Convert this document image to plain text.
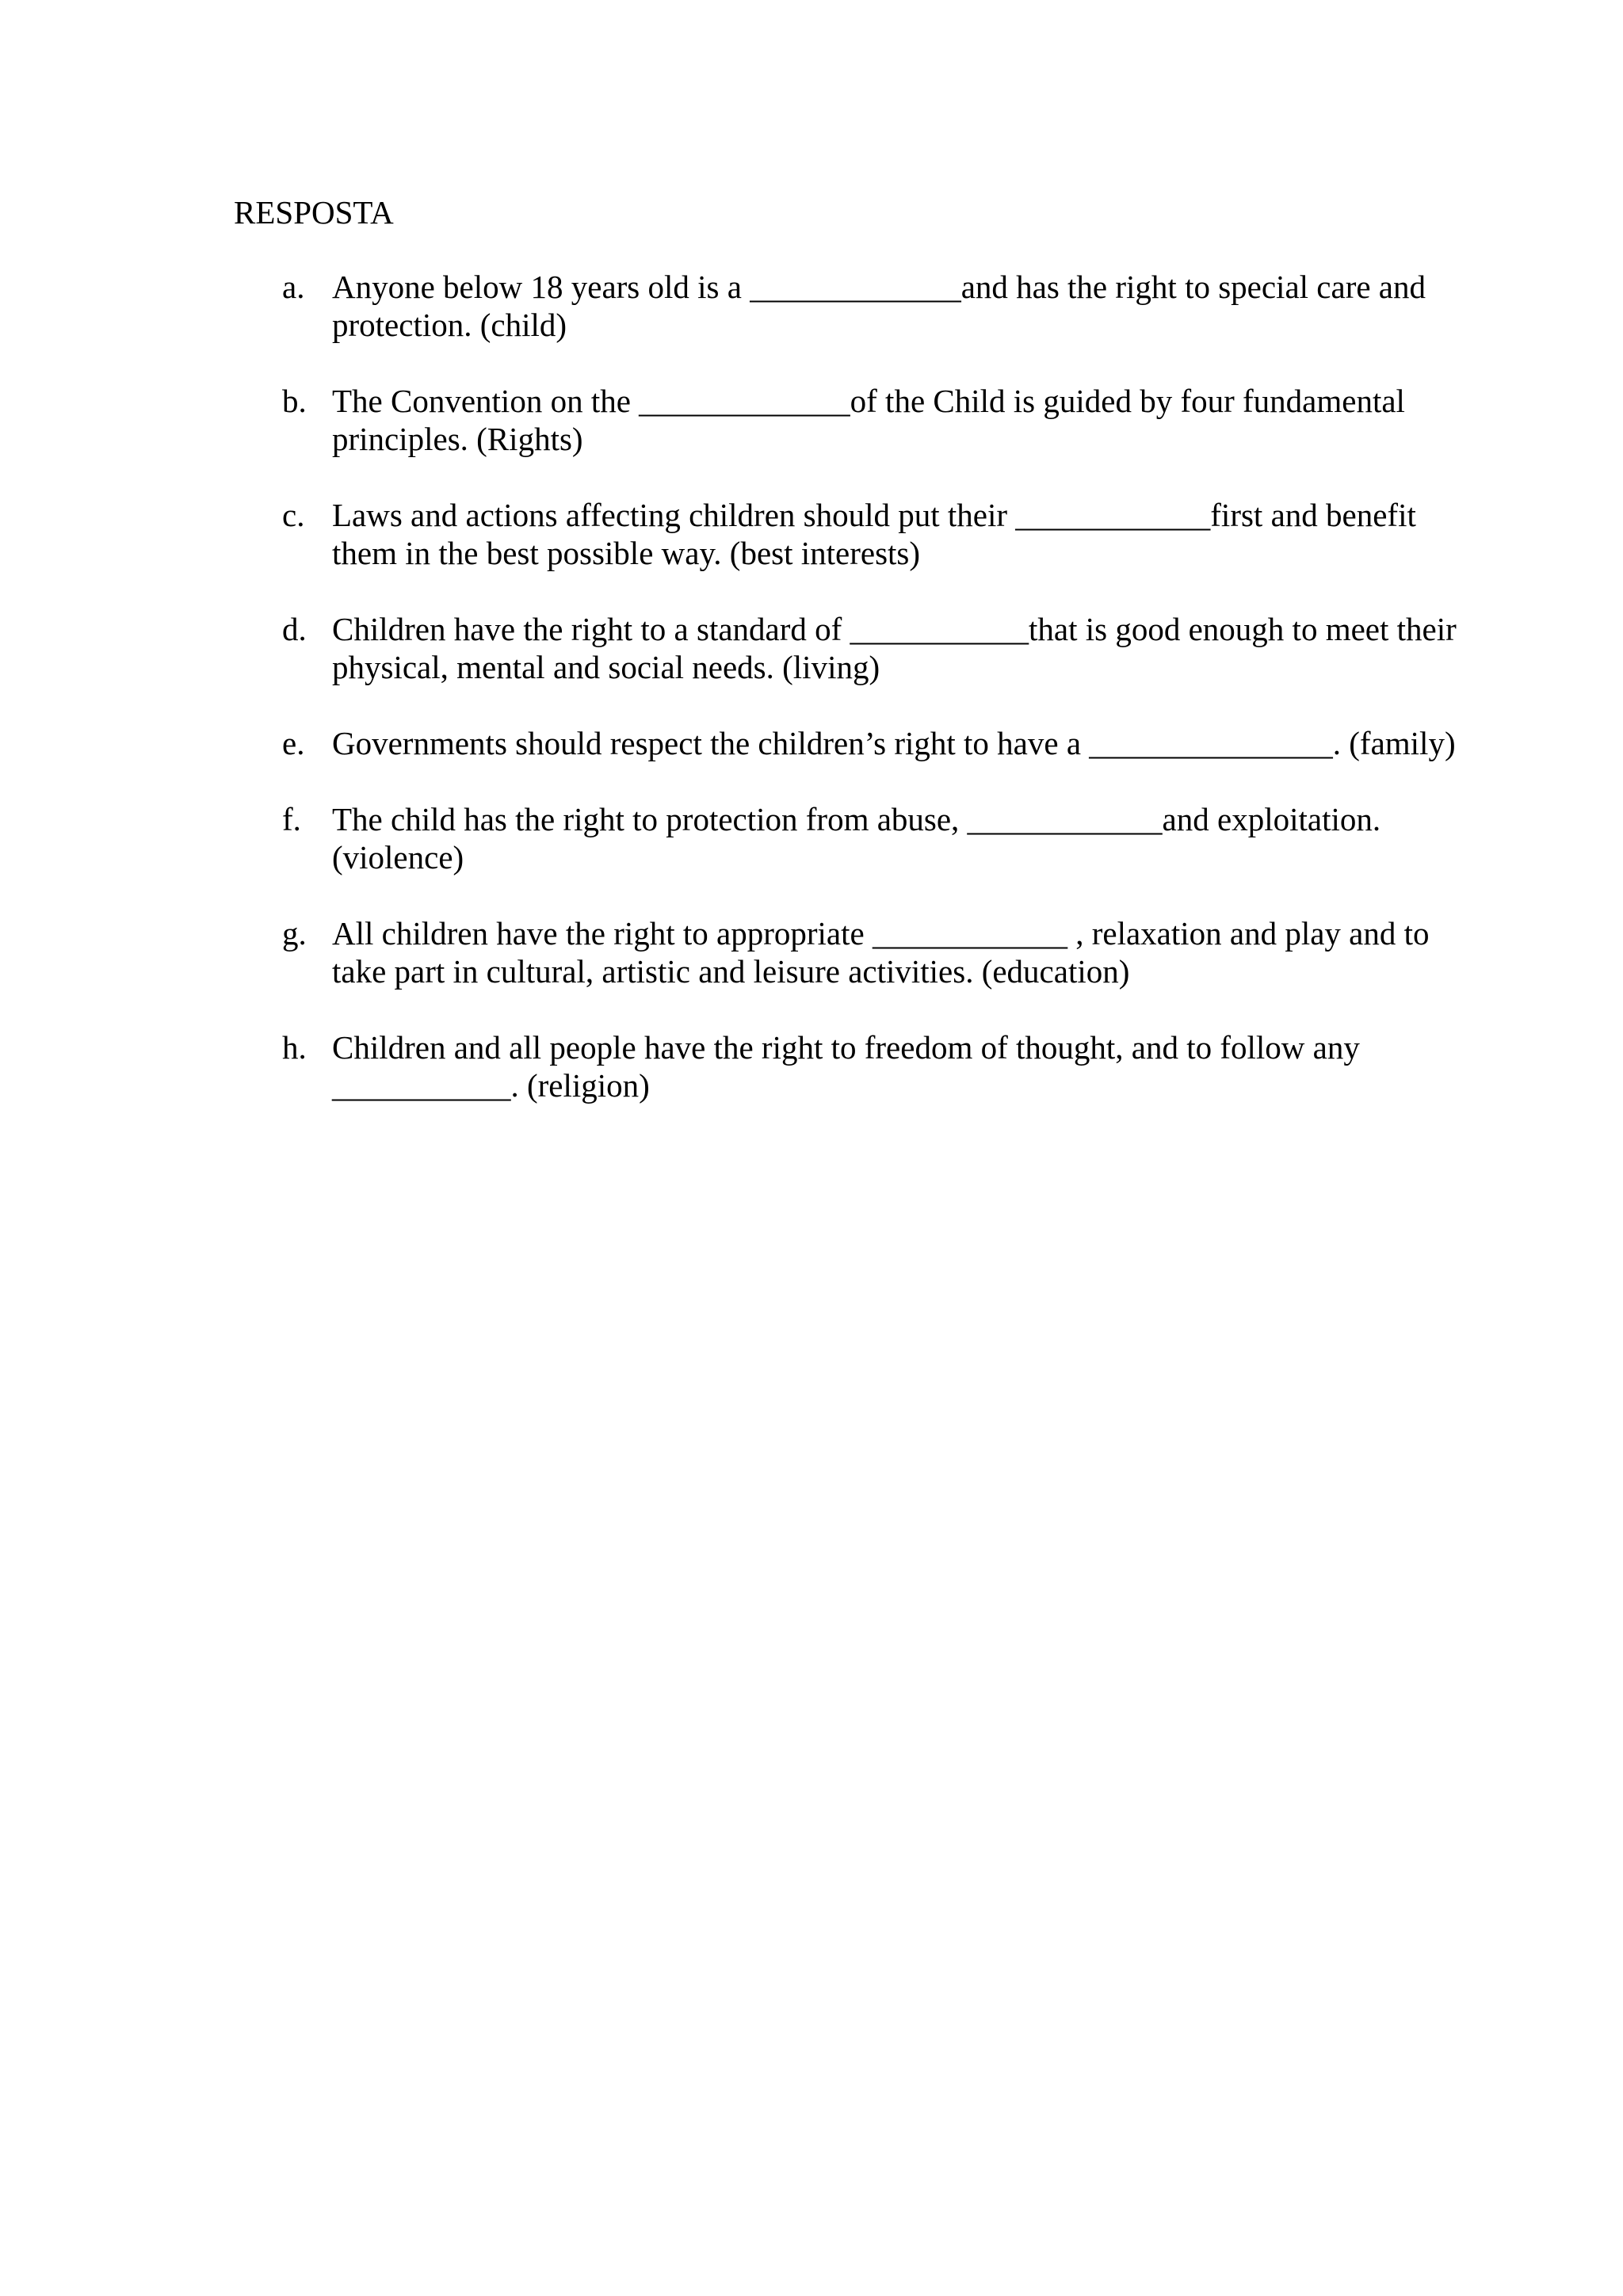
RESPOSTA
a. Anyone below 18 years old is a _____________and has the right to special care and
protection. (child)
b. The Convention on the _____________of the Child is guided by four fundamental
principles. (Rights)
c. Laws and actions affecting children should put their ____________first and benefit
them in the best possible way. (best interests)
d. Children have the right to a standard of ___________that is good enough to meet their
physical, mental and social needs. (living)
e. Governments should respect the children’s right to have a _______________. (family)
f. The child has the right to protection from abuse, ____________and exploitation.
(violence)
g. All children have the right to appropriate ____________ , relaxation and play and to
take part in cultural, artistic and leisure activities. (education)
h. Children and all people have the right to freedom of thought, and to follow any
___________. (religion)
